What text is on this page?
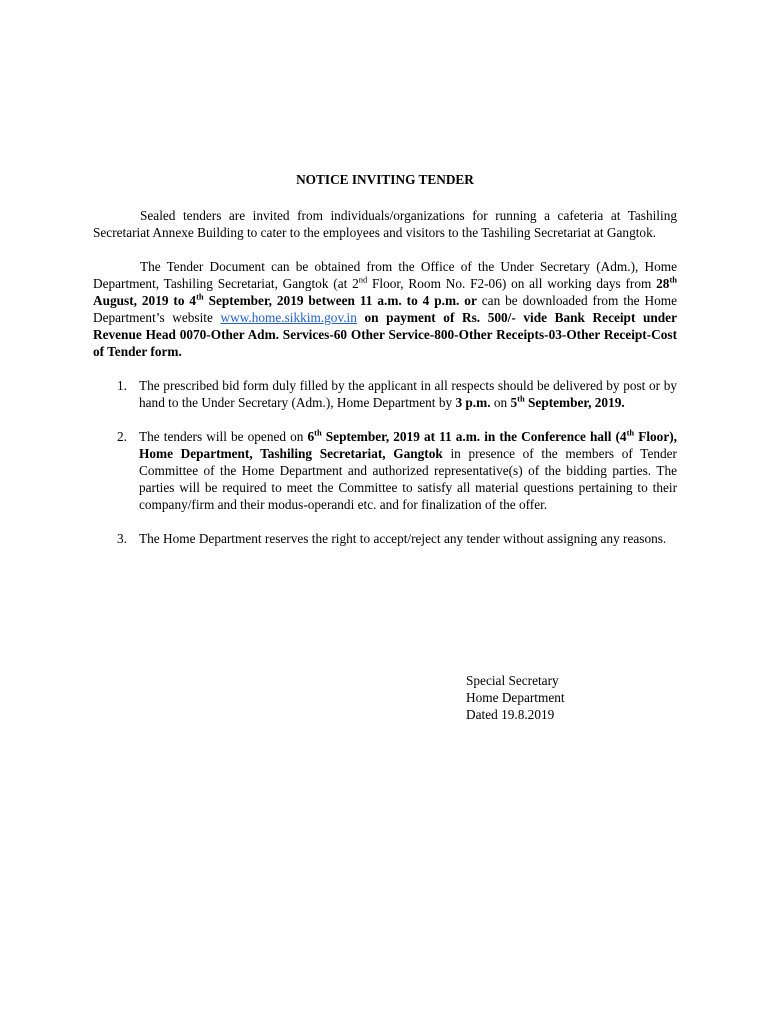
NOTICE INVITING TENDER

Sealed tenders are invited from individuals/organizations for running a cafeteria at Tashiling Secretariat Annexe Building to cater to the employees and visitors to the Tashiling Secretariat at Gangtok.

The Tender Document can be obtained from the Office of the Under Secretary (Adm.), Home Department, Tashiling Secretariat, Gangtok (at 2nd Floor, Room No. F2-06) on all working days from 28th August, 2019 to 4th September, 2019 between 11 a.m. to 4 p.m. or can be downloaded from the Home Department’s website www.home.sikkim.gov.in on payment of Rs. 500/- vide Bank Receipt under Revenue Head 0070-Other Adm. Services-60 Other Service-800-Other Receipts-03-Other Receipt-Cost of Tender form.

1. The prescribed bid form duly filled by the applicant in all respects should be delivered by post or by hand to the Under Secretary (Adm.), Home Department by 3 p.m. on 5th September, 2019.
2. The tenders will be opened on 6th September, 2019 at 11 a.m. in the Conference hall (4th Floor), Home Department, Tashiling Secretariat, Gangtok in presence of the members of Tender Committee of the Home Department and authorized representative(s) of the bidding parties. The parties will be required to meet the Committee to satisfy all material questions pertaining to their company/firm and their modus-operandi etc. and for finalization of the offer.
3. The Home Department reserves the right to accept/reject any tender without assigning any reasons.
Special Secretary
Home Department
Dated 19.8.2019
